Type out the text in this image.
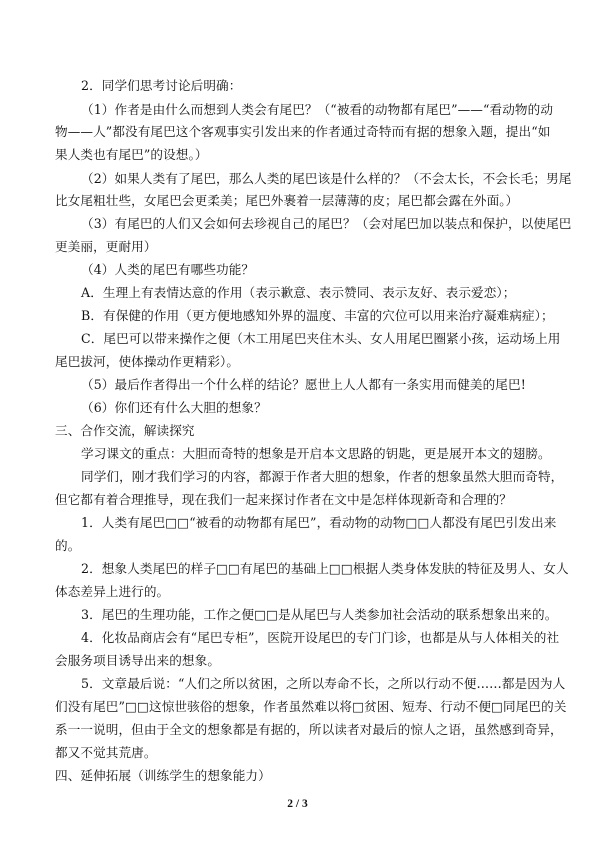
2．同学们思考讨论后明确：

（1）作者是由什么而想到人类会有尾巴？（“被看的动物都有尾巴”——“看动物的动

物——人”都没有尾巴这个客观事实引发出来的作者通过奇特而有据的想象入题，提出“如

果人类也有尾巴”的设想。）

（2）如果人类有了尾巴，那么人类的尾巴该是什么样的？（不会太长，不会长毛；男尾

比女尾粗壮些，女尾巴会更柔美；尾巴外裹着一层薄薄的皮；尾巴都会露在外面。）

（3）有尾巴的人们又会如何去珍视自己的尾巴？（会对尾巴加以装点和保护，以使尾巴

更美丽，更耐用）

（4）人类的尾巴有哪些功能？

A．生理上有表情达意的作用（表示歉意、表示赞同、表示友好、表示爱恋）；

B．有保健的作用（更方便地感知外界的温度、丰富的穴位可以用来治疗凝难病症）；

C．尾巴可以带来操作之便（木工用尾巴夹住木头、女人用尾巴圈紧小孩，运动场上用

尾巴拔河，使体操动作更精彩）。

（5）最后作者得出一个什么样的结论？愿世上人人都有一条实用而健美的尾巴!

（6）你们还有什么大胆的想象？

三、合作交流，解读探究

学习课文的重点：大胆而奇特的想象是开启本文思路的钥匙，更是展开本文的翅膀。

同学们，刚才我们学习的内容，都源于作者大胆的想象，作者的想象虽然大胆而奇特，

但它都有着合理推导，现在我们一起来探讨作者在文中是怎样体现新奇和合理的？

1．人类有尾巴□□“被看的动物都有尾巴”，看动物的动物□□人都没有尾巴引发出来

的。

2．想象人类尾巴的样子□□有尾巴的基础上□□根据人类身体发肤的特征及男人、女人

体态差异上进行的。

3．尾巴的生理功能，工作之便□□是从尾巴与人类参加社会活动的联系想象出来的。

4．化妆品商店会有“尾巴专柜”，医院开设尾巴的专门门诊，也都是从与人体相关的社

会服务项目诱导出来的想象。

5．文章最后说：“人们之所以贫困，之所以寿命不长，之所以行动不便……都是因为人

们没有尾巴”□□这惊世骇俗的想象，作者虽然难以将□贫困、短寿、行动不便□同尾巴的关

系一一说明，但由于全文的想象都是有据的，所以读者对最后的惊人之语，虽然感到奇异，

都又不觉其荒唐。

四、延伸拓展（训练学生的想象能力）

2 / 3
